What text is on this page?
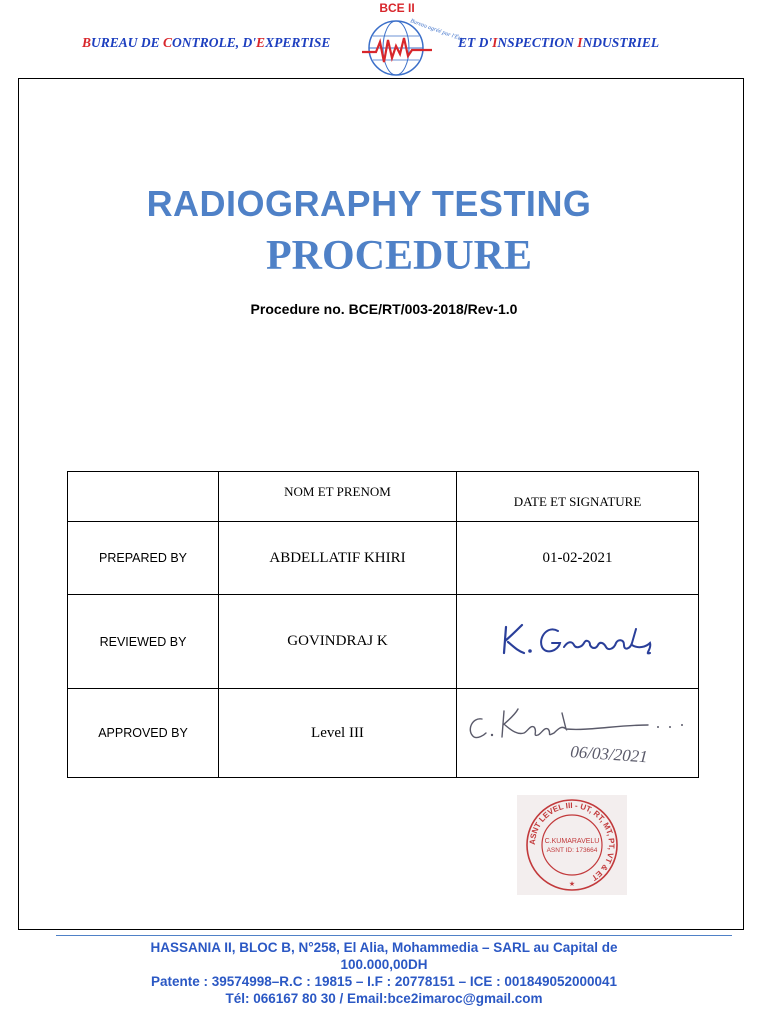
BUREAU DE CONTROLE, D'EXPERTISE
BCE II
Bureau agréé par l'État
ET D'INSPECTION INDUSTRIEL
RADIOGRAPHY TESTING
PROCEDURE
Procedure no. BCE/RT/003-2018/Rev-1.0
	NOM ET PRENOM	DATE ET SIGNATURE
PREPARED BY	ABDELLATIF KHIRI	01-02-2021
REVIEWED BY	GOVINDRAJ K	
APPROVED BY	Level III	06/03/2021
ASNT LEVEL III - UT, RT, MT, PT, VT & ET
C.KUMARAVELU
ASNT ID: 173664
★
HASSANIA II, BLOC B, N°258, El Alia, Mohammedia – SARL au Capital de
100.000,00DH
Patente : 39574998–R.C : 19815 – I.F : 20778151 – ICE : 001849052000041
Tél: 066167 80 30 / Email:bce2imaroc@gmail.com
